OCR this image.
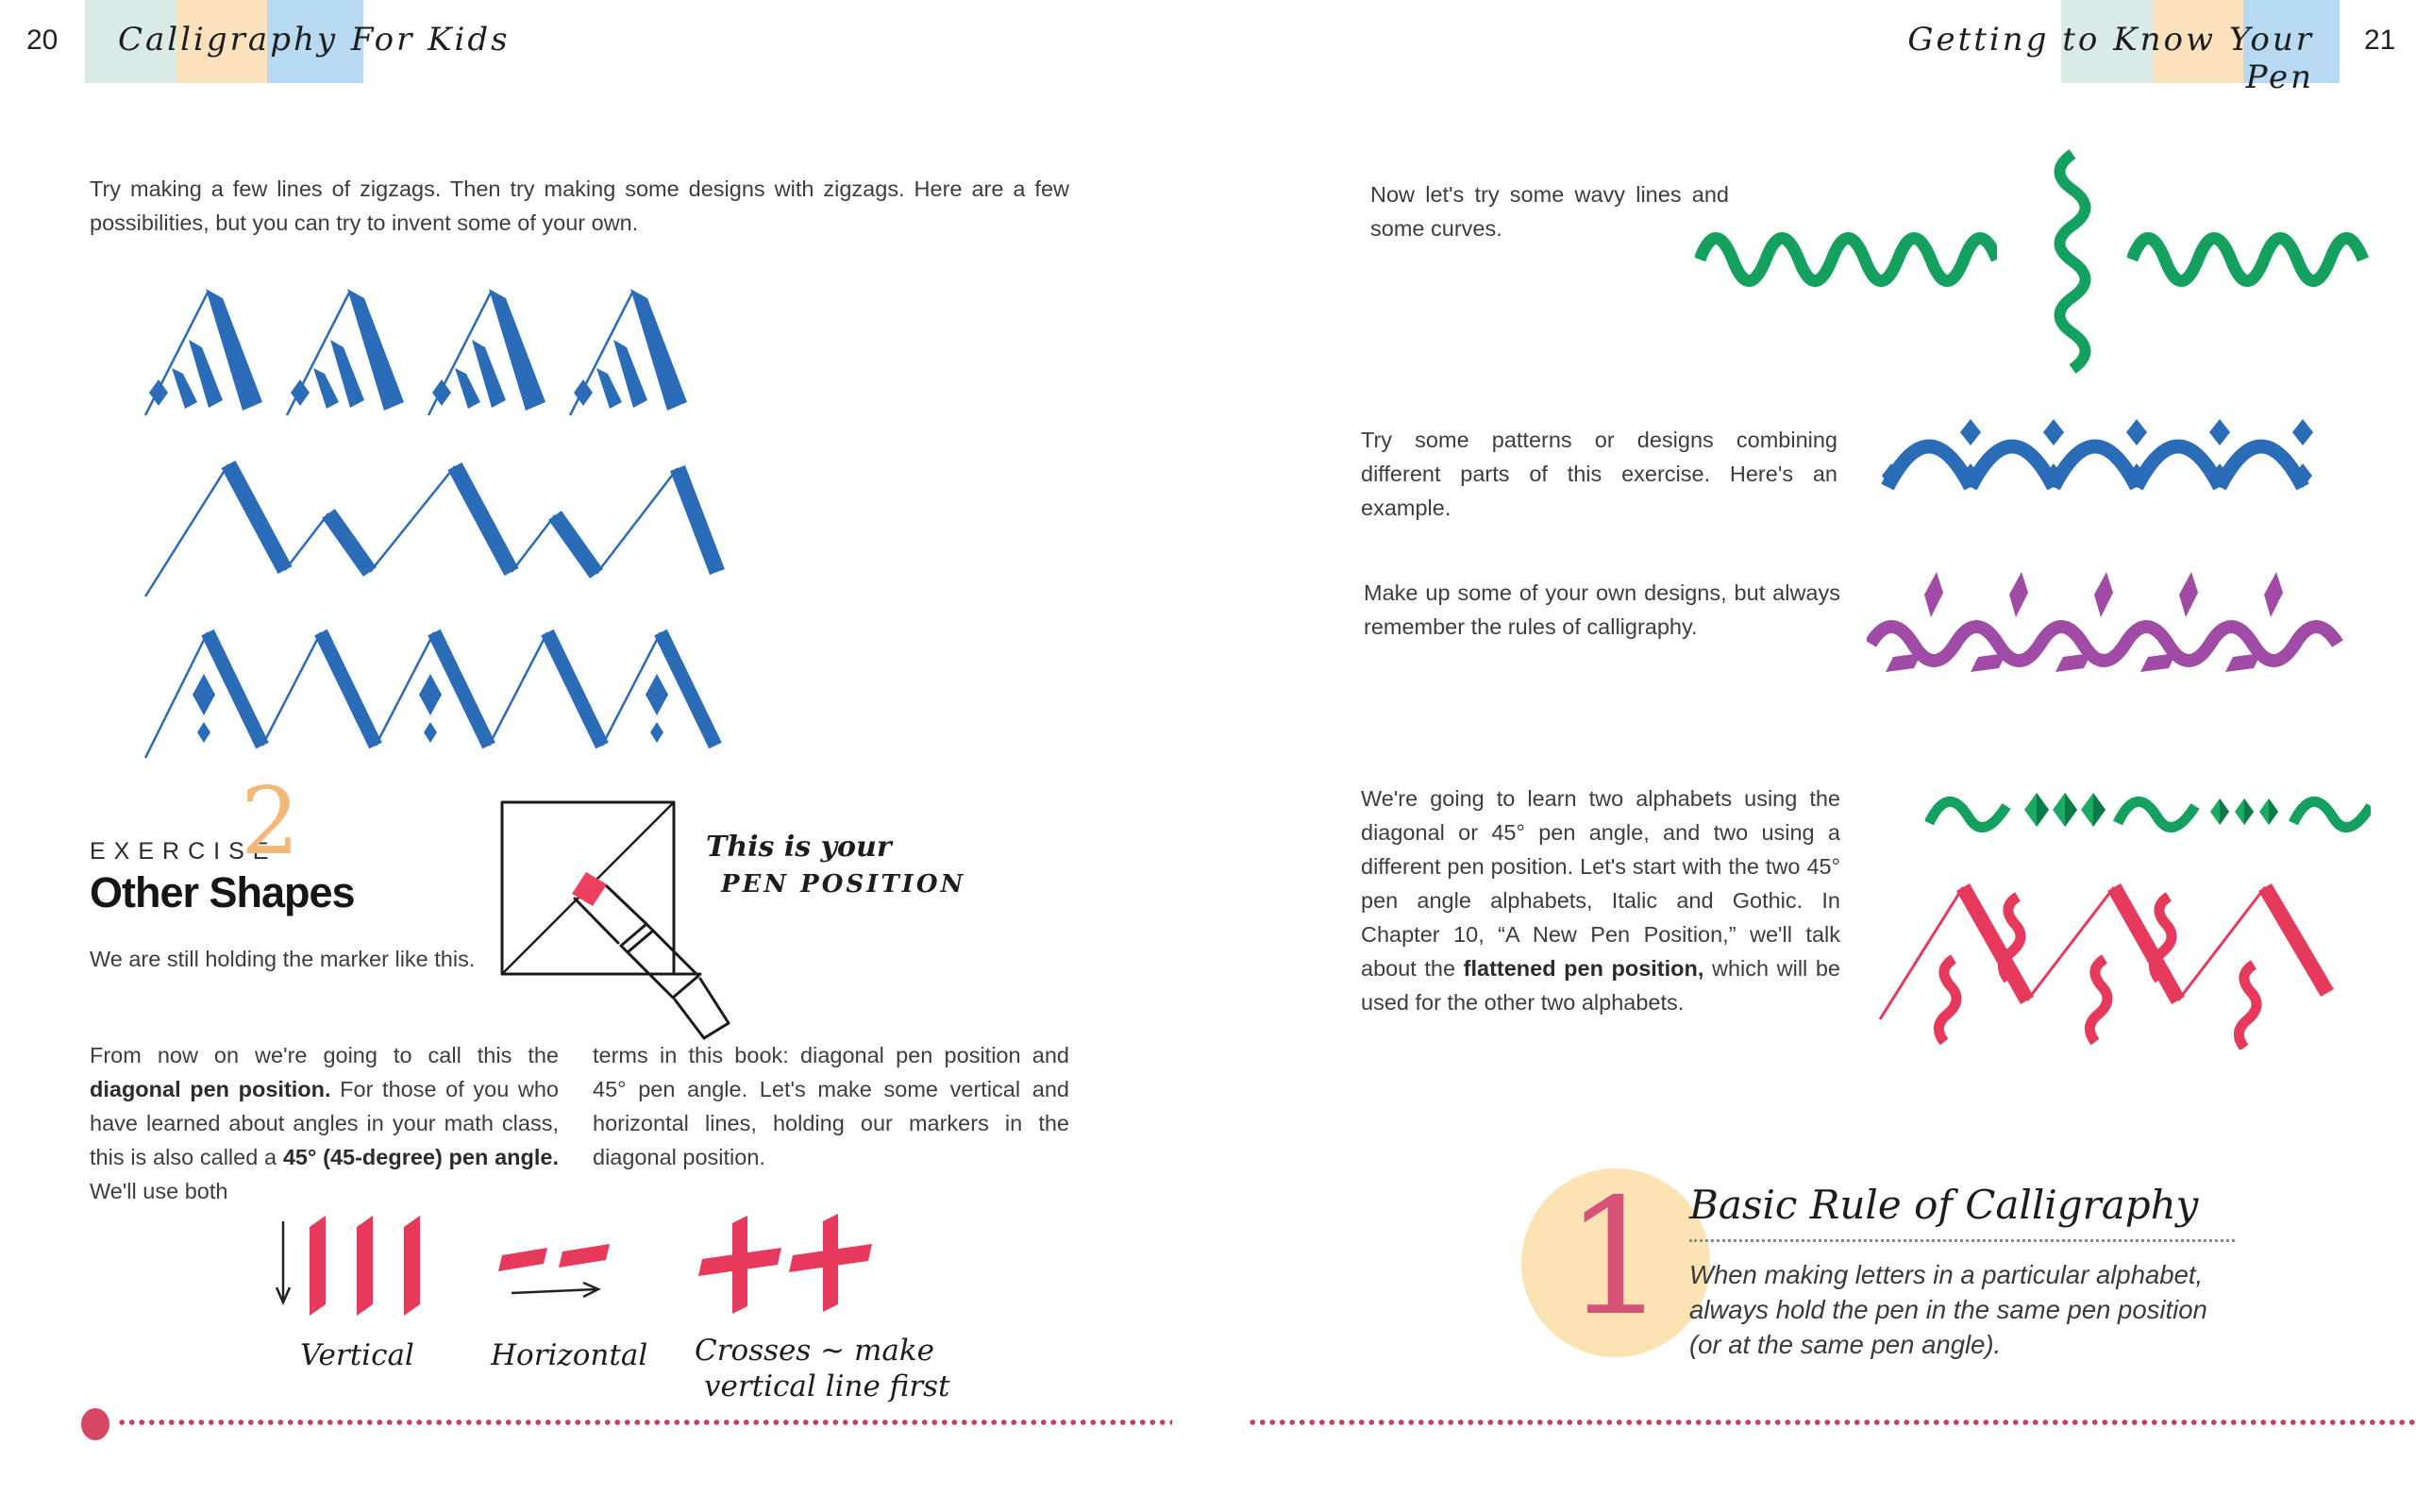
20 Calligraphy For Kids	Getting to Know Your Pen
21
Try making a few lines of zigzags. Then try making some designs with zigzags. Here are a few possibilities, but you can try to invent some of your own.
EXERCISE
2
Other Shapes
We are still holding the marker like this.
This is your
PEN POSITION
From now on we're going to call this the diagonal pen position. For those of you who have learned about angles in your math class, this is also called a 45° (45-degree) pen angle. We'll use both
terms in this book: diagonal pen position and 45° pen angle. Let's make some vertical and horizontal lines, holding our markers in the diagonal position.
Vertical	Horizontal Crosses ~ make
vertical line first
Now let's try some wavy lines and some curves.
Try some patterns or designs combining different parts of this exercise. Here's an example.
Make up some of your own designs, but always remember the rules of calligraphy.
We're going to learn two alphabets using the diagonal or 45° pen angle, and two using a different pen position. Let's start with the two 45° pen angle alphabets, Italic and Gothic. In Chapter 10, “A New Pen Position,” we'll talk about the flattened pen position, which will be used for the other two alphabets.
1 Basic Rule of Calligraphy
When making letters in a particular alphabet, always hold the pen in the same pen position (or at the same pen angle).
